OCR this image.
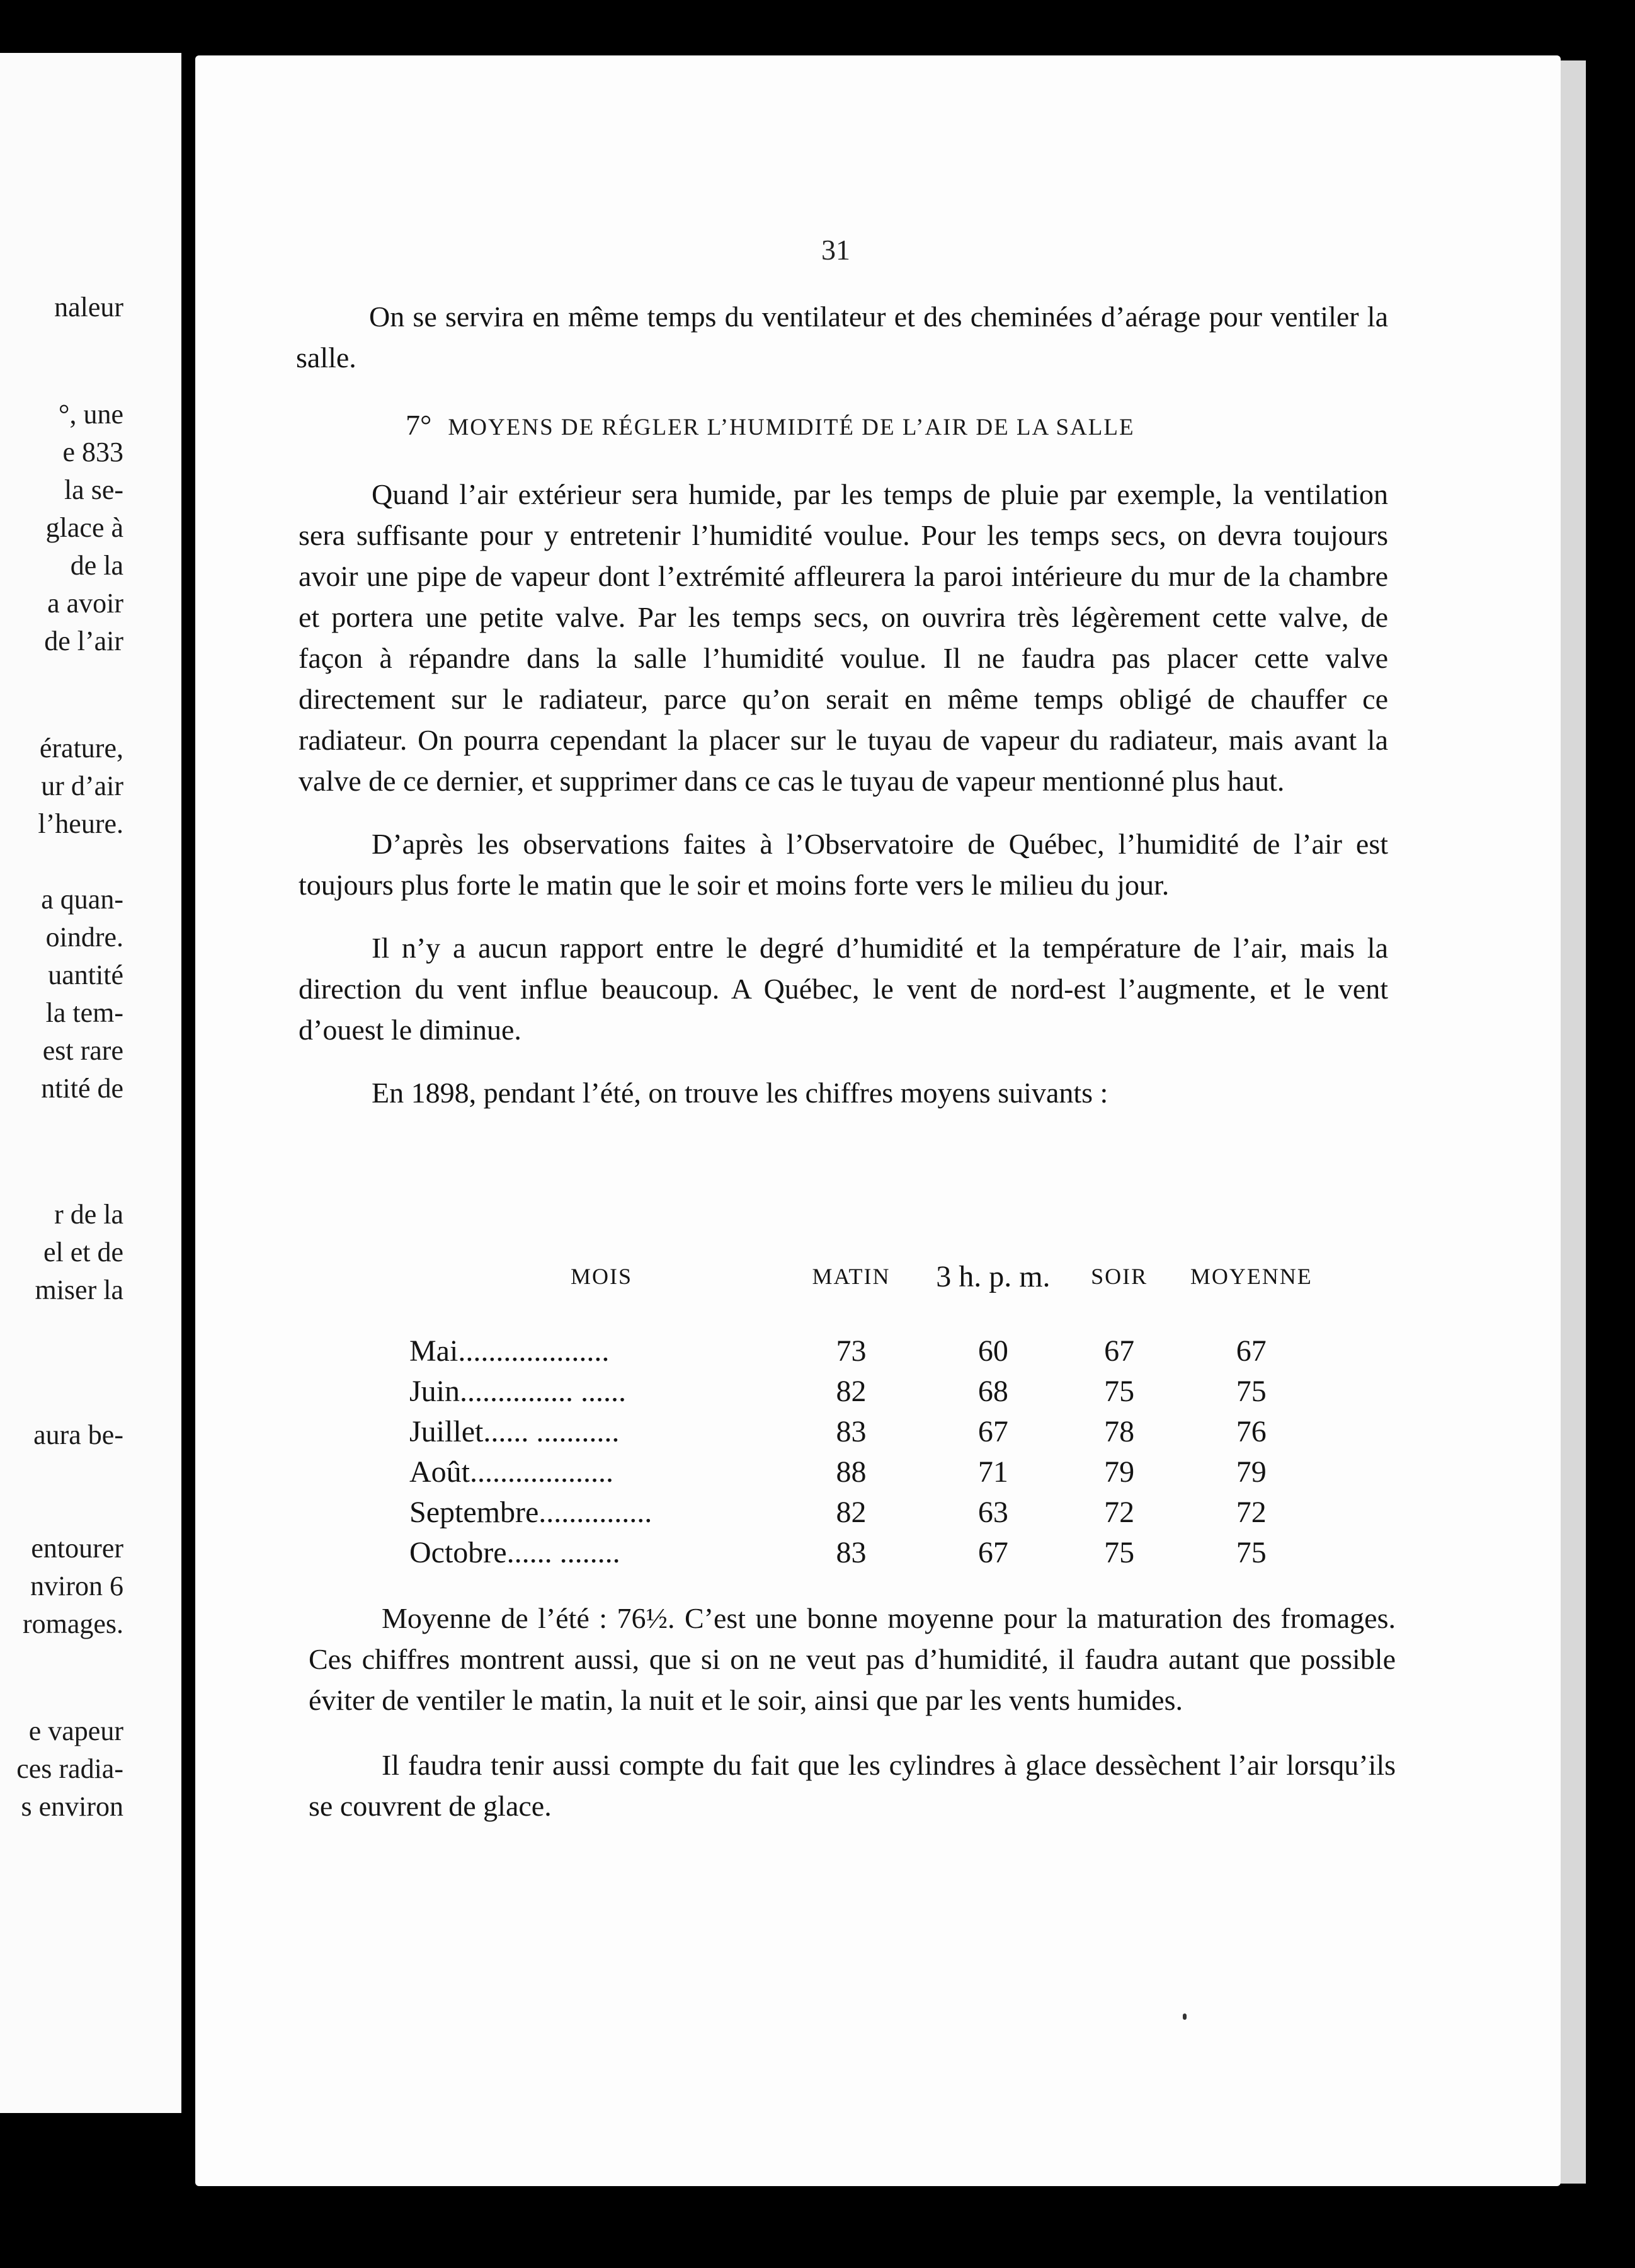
naleur
°, une
e 833
la se-
glace à
de la
a avoir
de l’air
érature,
ur d’air
l’heure.
a quan-
oindre.
uantité
la tem-
est rare
ntité de
r de la
el et de
miser la
aura be-
entourer
nviron 6
romages.
e vapeur
ces radia-
s environ
31

On se servira en même temps du ventilateur et des cheminées d’aérage pour ventiler la salle.

7° MOYENS DE RÉGLER L’HUMIDITÉ DE L’AIR DE LA SALLE

Quand l’air extérieur sera humide, par les temps de pluie par exemple, la ventilation sera suffisante pour y entretenir l’humidité voulue. Pour les temps secs, on devra toujours avoir une pipe de vapeur dont l’extrémité affleurera la paroi intérieure du mur de la chambre et portera une petite valve. Par les temps secs, on ouvrira très légèrement cette valve, de façon à répandre dans la salle l’humidité voulue. Il ne faudra pas placer cette valve directement sur le radiateur, parce qu’on serait en même temps obligé de chauffer ce radiateur. On pourra cependant la placer sur le tuyau de vapeur du radiateur, mais avant la valve de ce dernier, et supprimer dans ce cas le tuyau de vapeur mentionné plus haut.

D’après les observations faites à l’Observatoire de Québec, l’humidité de l’air est toujours plus forte le matin que le soir et moins forte vers le milieu du jour.

Il n’y a aucun rapport entre le degré d’humidité et la température de l’air, mais la direction du vent influe beaucoup. A Québec, le vent de nord-est l’augmente, et le vent d’ouest le diminue.

En 1898, pendant l’été, on trouve les chiffres moyens suivants :

MOIS	MATIN	3 h. p. m.	SOIR	MOYENNE

Mai....................	73	60	67	67
Juin............... ......	82	68	75	75
Juillet...... ...........	83	67	78	76
Août...................	88	71	79	79
Septembre...............	82	63	72	72
Octobre...... ........	83	67	75	75

Moyenne de l’été : 76½. C’est une bonne moyenne pour la maturation des fromages. Ces chiffres montrent aussi, que si on ne veut pas d’humidité, il faudra autant que possible éviter de ventiler le matin, la nuit et le soir, ainsi que par les vents humides.

Il faudra tenir aussi compte du fait que les cylindres à glace dessèchent l’air lorsqu’ils se couvrent de glace.
